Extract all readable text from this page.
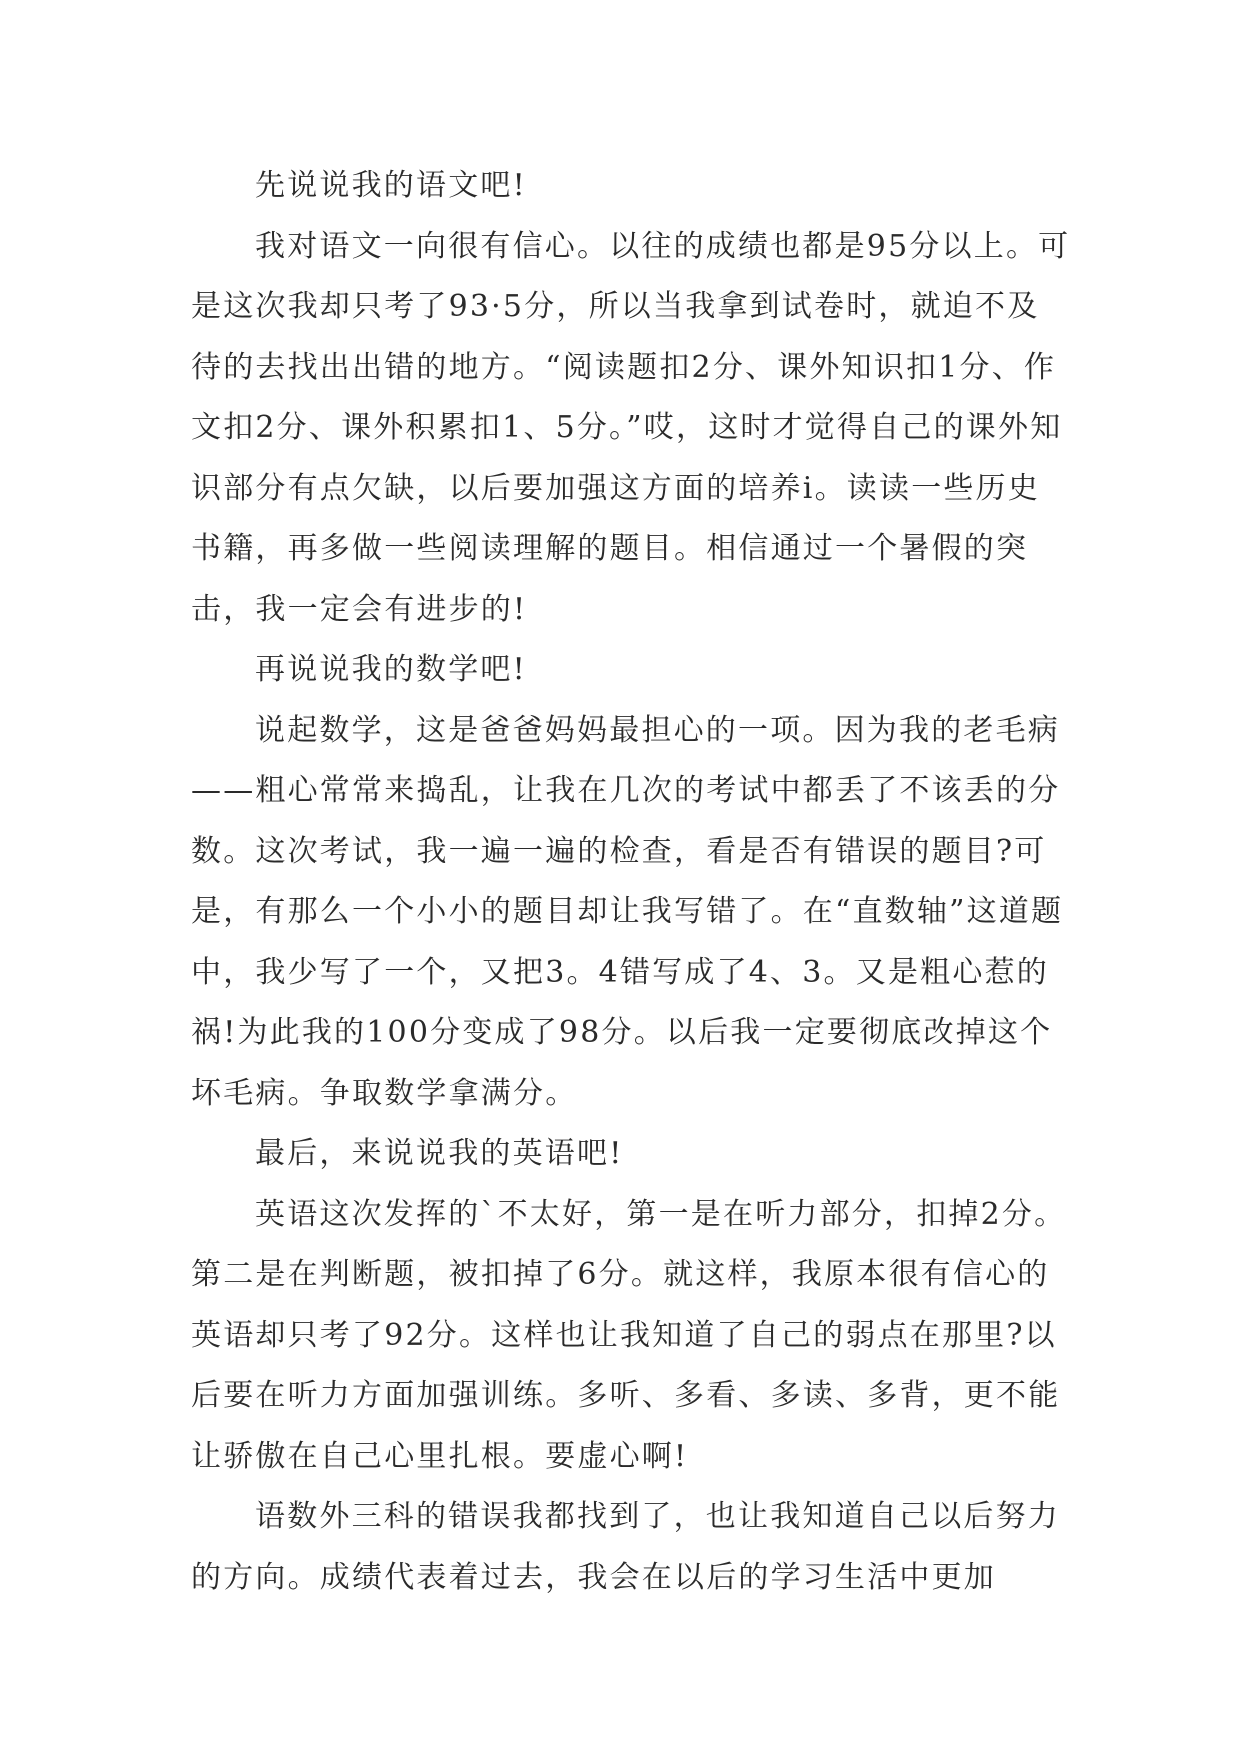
先说说我的语文吧!

我对语文一向很有信心。以往的成绩也都是95分以上。可是这次我却只考了93·5分，所以当我拿到试卷时，就迫不及待的去找出出错的地方。“阅读题扣2分、课外知识扣1分、作文扣2分、课外积累扣1、5分。”哎，这时才觉得自己的课外知识部分有点欠缺，以后要加强这方面的培养i。读读一些历史书籍，再多做一些阅读理解的题目。相信通过一个暑假的突击，我一定会有进步的!

再说说我的数学吧!

说起数学，这是爸爸妈妈最担心的一项。因为我的老毛病——粗心常常来捣乱，让我在几次的考试中都丢了不该丢的分数。这次考试，我一遍一遍的检查，看是否有错误的题目?可是，有那么一个小小的题目却让我写错了。在“直数轴”这道题中，我少写了一个，又把3。4错写成了4、3。又是粗心惹的祸!为此我的100分变成了98分。以后我一定要彻底改掉这个坏毛病。争取数学拿满分。

最后，来说说我的英语吧!

英语这次发挥的`不太好，第一是在听力部分，扣掉2分。第二是在判断题，被扣掉了6分。就这样，我原本很有信心的英语却只考了92分。这样也让我知道了自己的弱点在那里?以后要在听力方面加强训练。多听、多看、多读、多背，更不能让骄傲在自己心里扎根。要虚心啊!

语数外三科的错误我都找到了，也让我知道自己以后努力的方向。成绩代表着过去，我会在以后的学习生活中更加
